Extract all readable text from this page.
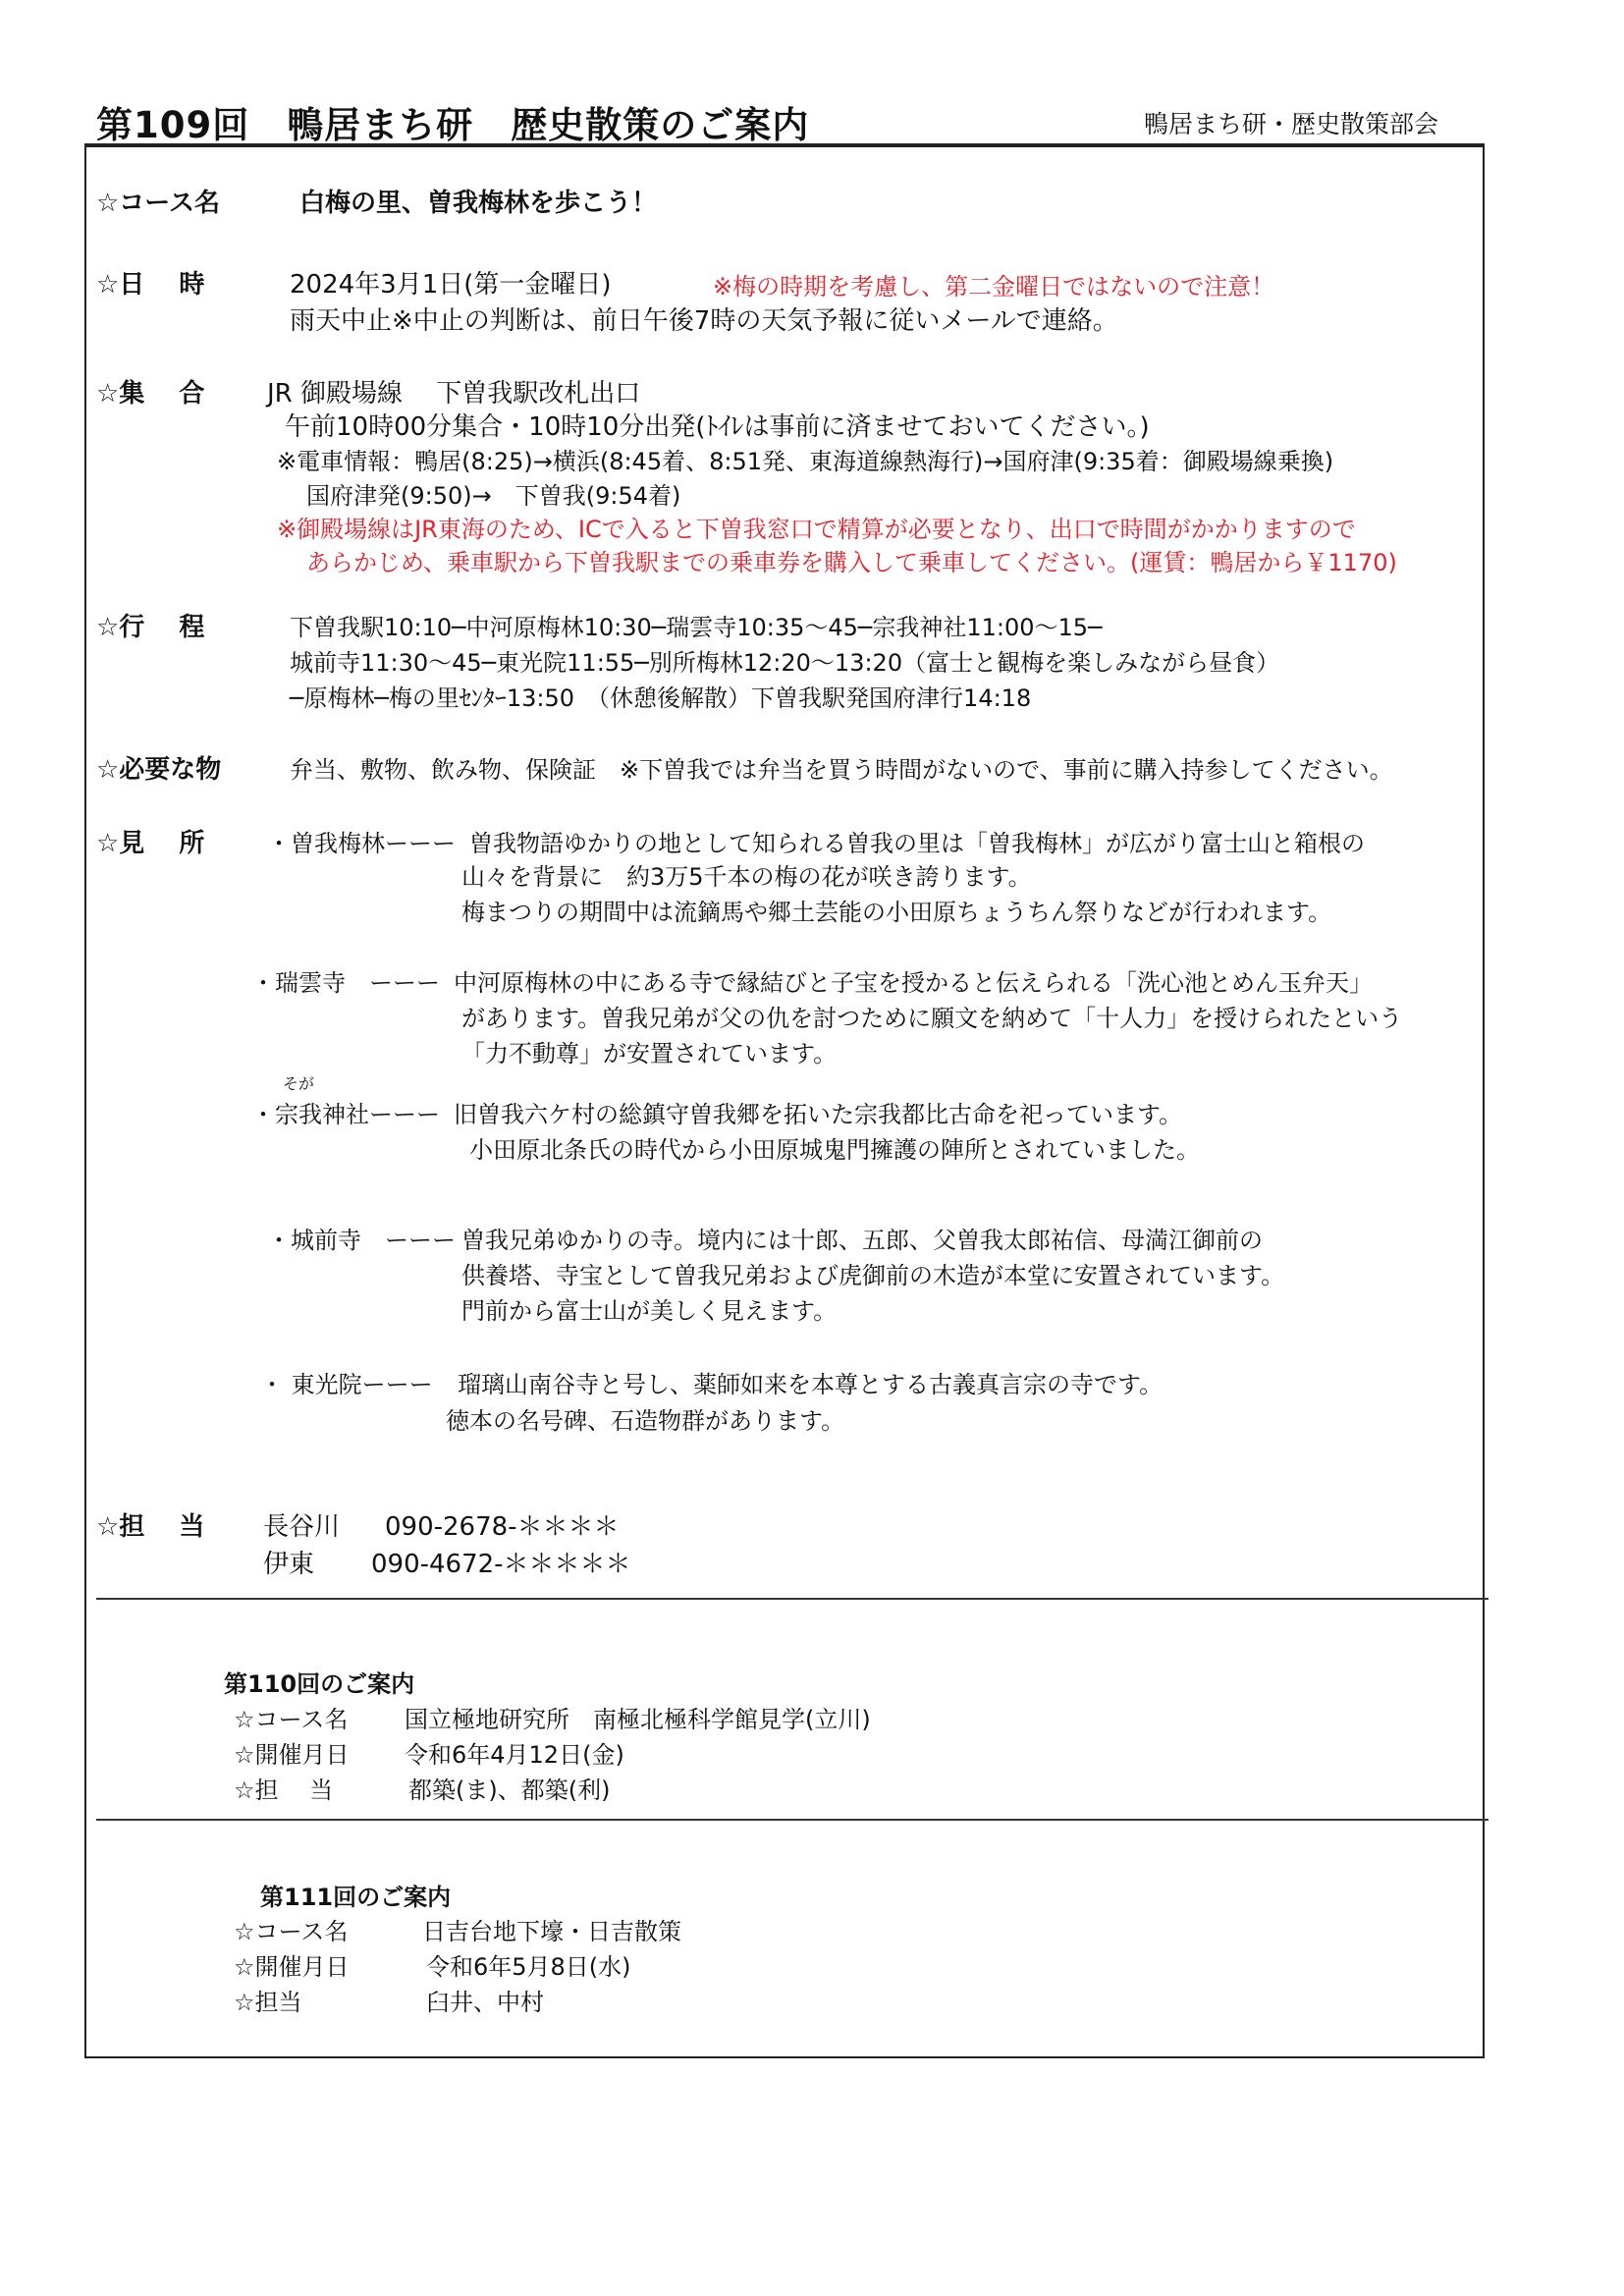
第109回　鴨居まち研　歴史散策のご案内	鴨居まち研・歴史散策部会
☆コース名	白梅の里、曽我梅林を歩こう！
☆日　 時	2024年3月1日(第一金曜日)	※梅の時期を考慮し、第二金曜日ではないので注意！
雨天中止※中止の判断は、前日午後7時の天気予報に従いメールで連絡。
☆集　 合 JR 御殿場線　 下曽我駅改札出口
午前10時00分集合・10時10分出発(ﾄｲﾚは事前に済ませておいてください。)
※電車情報：鴨居(8:25)→横浜(8:45着、8:51発、東海道線熱海行)→国府津(9:35着：御殿場線乗換)
国府津発(9:50)→　下曽我(9:54着)
※御殿場線はJR東海のため、ICで入ると下曽我窓口で精算が必要となり、出口で時間がかかりますので
あらかじめ、乗車駅から下曽我駅までの乗車券を購入して乗車してください。(運賃：鴨居から￥1170)
☆行　 程	下曽我駅10:10─中河原梅林10:30─瑞雲寺10:35～45─宗我神社11:00～15─
城前寺11:30～45─東光院11:55─別所梅林12:20～13:20（富士と観梅を楽しみながら昼食）
─原梅林─梅の里ｾﾝﾀｰ13:50　（休憩後解散）下曽我駅発国府津行14:18
☆必要な物	弁当、敷物、飲み物、保険証　※下曽我では弁当を買う時間がないので、事前に購入持参してください。
☆見　 所	・曽我梅林ーーー 曽我物語ゆかりの地として知られる曽我の里は「曽我梅林」が広がり富士山と箱根の
山々を背景に　約3万5千本の梅の花が咲き誇ります。
梅まつりの期間中は流鏑馬や郷土芸能の小田原ちょうちん祭りなどが行われます。
・瑞雲寺　ーーー 中河原梅林の中にある寺で縁結びと子宝を授かると伝えられる「洗心池とめん玉弁天」
があります。曽我兄弟が父の仇を討つために願文を納めて「十人力」を授けられたという
「力不動尊」が安置されています。
そが
・宗我神社ーーー 旧曽我六ケ村の総鎮守曽我郷を拓いた宗我都比古命を祀っています。
小田原北条氏の時代から小田原城鬼門擁護の陣所とされていました。
・城前寺　ーーー 曽我兄弟ゆかりの寺。境内には十郎、五郎、父曽我太郎祐信、母満江御前の
供養塔、寺宝として曽我兄弟および虎御前の木造が本堂に安置されています。
門前から富士山が美しく見えます。
・ 東光院ーーー 瑠璃山南谷寺と号し、薬師如来を本尊とする古義真言宗の寺です。
徳本の名号碑、石造物群があります。
☆担　 当 長谷川 090-2678-＊＊＊＊
伊東 090-4672-＊＊＊＊＊
第110回のご案内
☆コース名 国立極地研究所　南極北極科学館見学(立川)
☆開催月日 令和6年4月12日(金)
☆担　 当	都築(ま)、都築(利)
第111回のご案内
☆コース名	日吉台地下壕・日吉散策
☆開催月日	令和6年5月8日(水)
☆担当	臼井、中村
